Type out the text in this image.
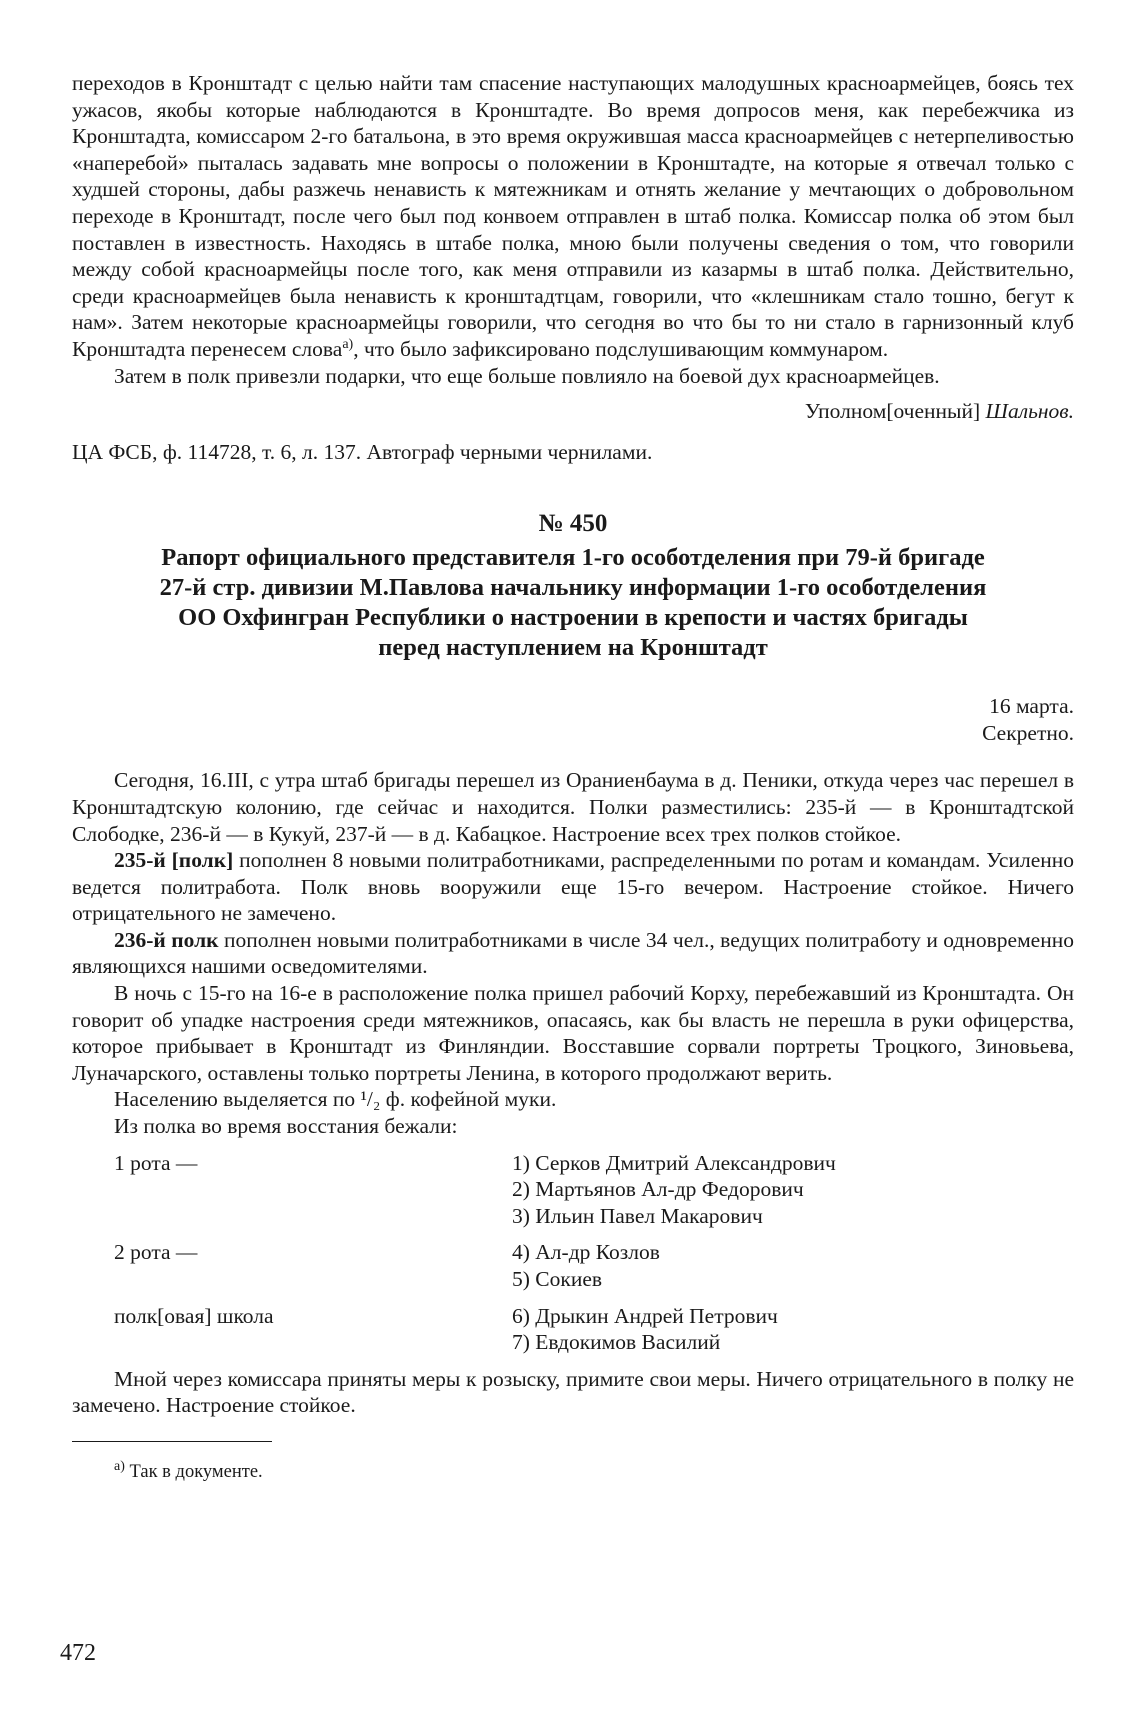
переходов в Кронштадт с целью найти там спасение наступающих малодушных красноармейцев, боясь тех ужасов, якобы которые наблюдаются в Кронштадте. Во время допросов меня, как перебежчика из Кронштадта, комиссаром 2-го батальона, в это время окружившая масса красноармейцев с нетерпеливостью «наперебой» пыталась задавать мне вопросы о положении в Кронштадте, на которые я отвечал только с худшей стороны, дабы разжечь ненависть к мятежникам и отнять желание у мечтающих о добровольном переходе в Кронштадт, после чего был под конвоем отправлен в штаб полка. Комиссар полка об этом был поставлен в известность. Находясь в штабе полка, мною были получены сведения о том, что говорили между собой красноармейцы после того, как меня отправили из казармы в штаб полка. Действительно, среди красноармейцев была ненависть к кронштадтцам, говорили, что «клешникам стало тошно, бегут к нам». Затем некоторые красноармейцы говорили, что сегодня во что бы то ни стало в гарнизонный клуб Кронштадта перенесем слова$^{а)}$, что было зафиксировано подслушивающим коммунаром.

Затем в полк привезли подарки, что еще больше повлияло на боевой дух красноармейцев.

Уполном[оченный] Шальнов.

ЦА ФСБ, ф. 114728, т. 6, л. 137. Автограф черными чернилами.

№ 450

Рапорт официального представителя 1-го особотделения при 79-й бригаде

27-й стр. дивизии М.Павлова начальнику информации 1-го особотделения

ОО Охфингран Республики о настроении в крепости и частях бригады

перед наступлением на Кронштадт

16 марта.

Секретно.

Сегодня, 16.III, с утра штаб бригады перешел из Ораниенбаума в д. Пеники, откуда через час перешел в Кронштадтскую колонию, где сейчас и находится. Полки разместились: 235-й — в Кронштадтской Слободке, 236-й — в Кукуй, 237-й — в д. Кабацкое. Настроение всех трех полков стойкое.

235-й [полк] пополнен 8 новыми политработниками, распределенными по ротам и командам. Усиленно ведется политработа. Полк вновь вооружили еще 15-го вечером. Настроение стойкое. Ничего отрицательного не замечено.

236-й полк пополнен новыми политработниками в числе 34 чел., ведущих политработу и одновременно являющихся нашими осведомителями.

В ночь с 15-го на 16-е в расположение полка пришел рабочий Корху, перебежавший из Кронштадта. Он говорит об упадке настроения среди мятежников, опасаясь, как бы власть не перешла в руки офицерства, которое прибывает в Кронштадт из Финляндии. Восставшие сорвали портреты Троцкого, Зиновьева, Луначарского, оставлены только портреты Ленина, в которого продолжают верить.

Населению выделяется по ¹/₂ ф. кофейной муки.

Из полка во время восстания бежали:

1 рота —	1) Серков Дмитрий Александрович

2) Мартьянов Ал-др Федорович

3) Ильин Павел Макарович

2 рота —	4) Ал-др Козлов

5) Сокиев

полк[овая] школа	6) Дрыкин Андрей Петрович

7) Евдокимов Василий

Мной через комиссара приняты меры к розыску, примите свои меры. Ничего отрицательного в полку не замечено. Настроение стойкое.

$^{а)}$ Так в документе.

472
